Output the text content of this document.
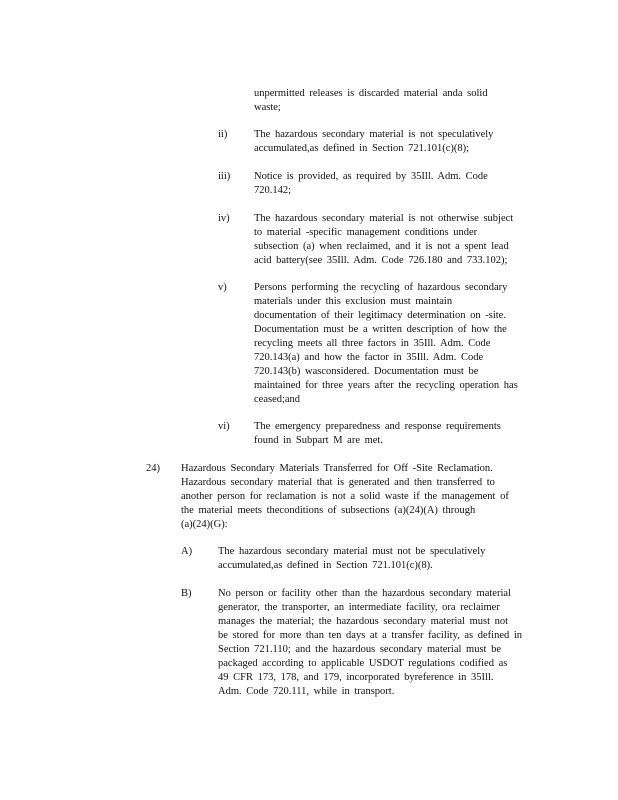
unpermitted releases is discarded material anda solid
waste;
ii)	The hazardous secondary material is not speculatively
accumulated,as defined in Section 721.101(c)(8);
iii) Notice is provided, as required by 35Ill. Adm. Code
720.142;
iv) The hazardous secondary material is not otherwise subject
to material -specific management conditions under
subsection (a) when reclaimed, and it is not a spent lead
acid battery(see 35Ill. Adm. Code 726.180 and 733.102);
v)	Persons performing the recycling of hazardous secondary
materials under this exclusion must maintain
documentation of their legitimacy determination on -site.
Documentation must be a written description of how the
recycling meets all three factors in 35Ill. Adm. Code
720.143(a) and how the factor in 35Ill. Adm. Code
720.143(b) wasconsidered. Documentation must be
maintained for three years after the recycling operation has
ceased;and
vi) The emergency preparedness and response requirements
found in Subpart M are met.
24) Hazardous Secondary Materials Transferred for Off -Site Reclamation.
Hazardous secondary material that is generated and then transferred to
another person for reclamation is not a solid waste if the management of
the material meets theconditions of subsections (a)(24)(A) through
(a)(24)(G):
A) The hazardous secondary material must not be speculatively
accumulated,as defined in Section 721.101(c)(8).
B)	No person or facility other than the hazardous secondary material
generator, the transporter, an intermediate facility, ora reclaimer
manages the material; the hazardous secondary material must not
be stored for more than ten days at a transfer facility, as defined in
Section 721.110; and the hazardous secondary material must be
packaged according to applicable USDOT regulations codified as
49 CFR 173, 178, and 179, incorporated byreference in 35Ill.
Adm. Code 720.111, while in transport.
